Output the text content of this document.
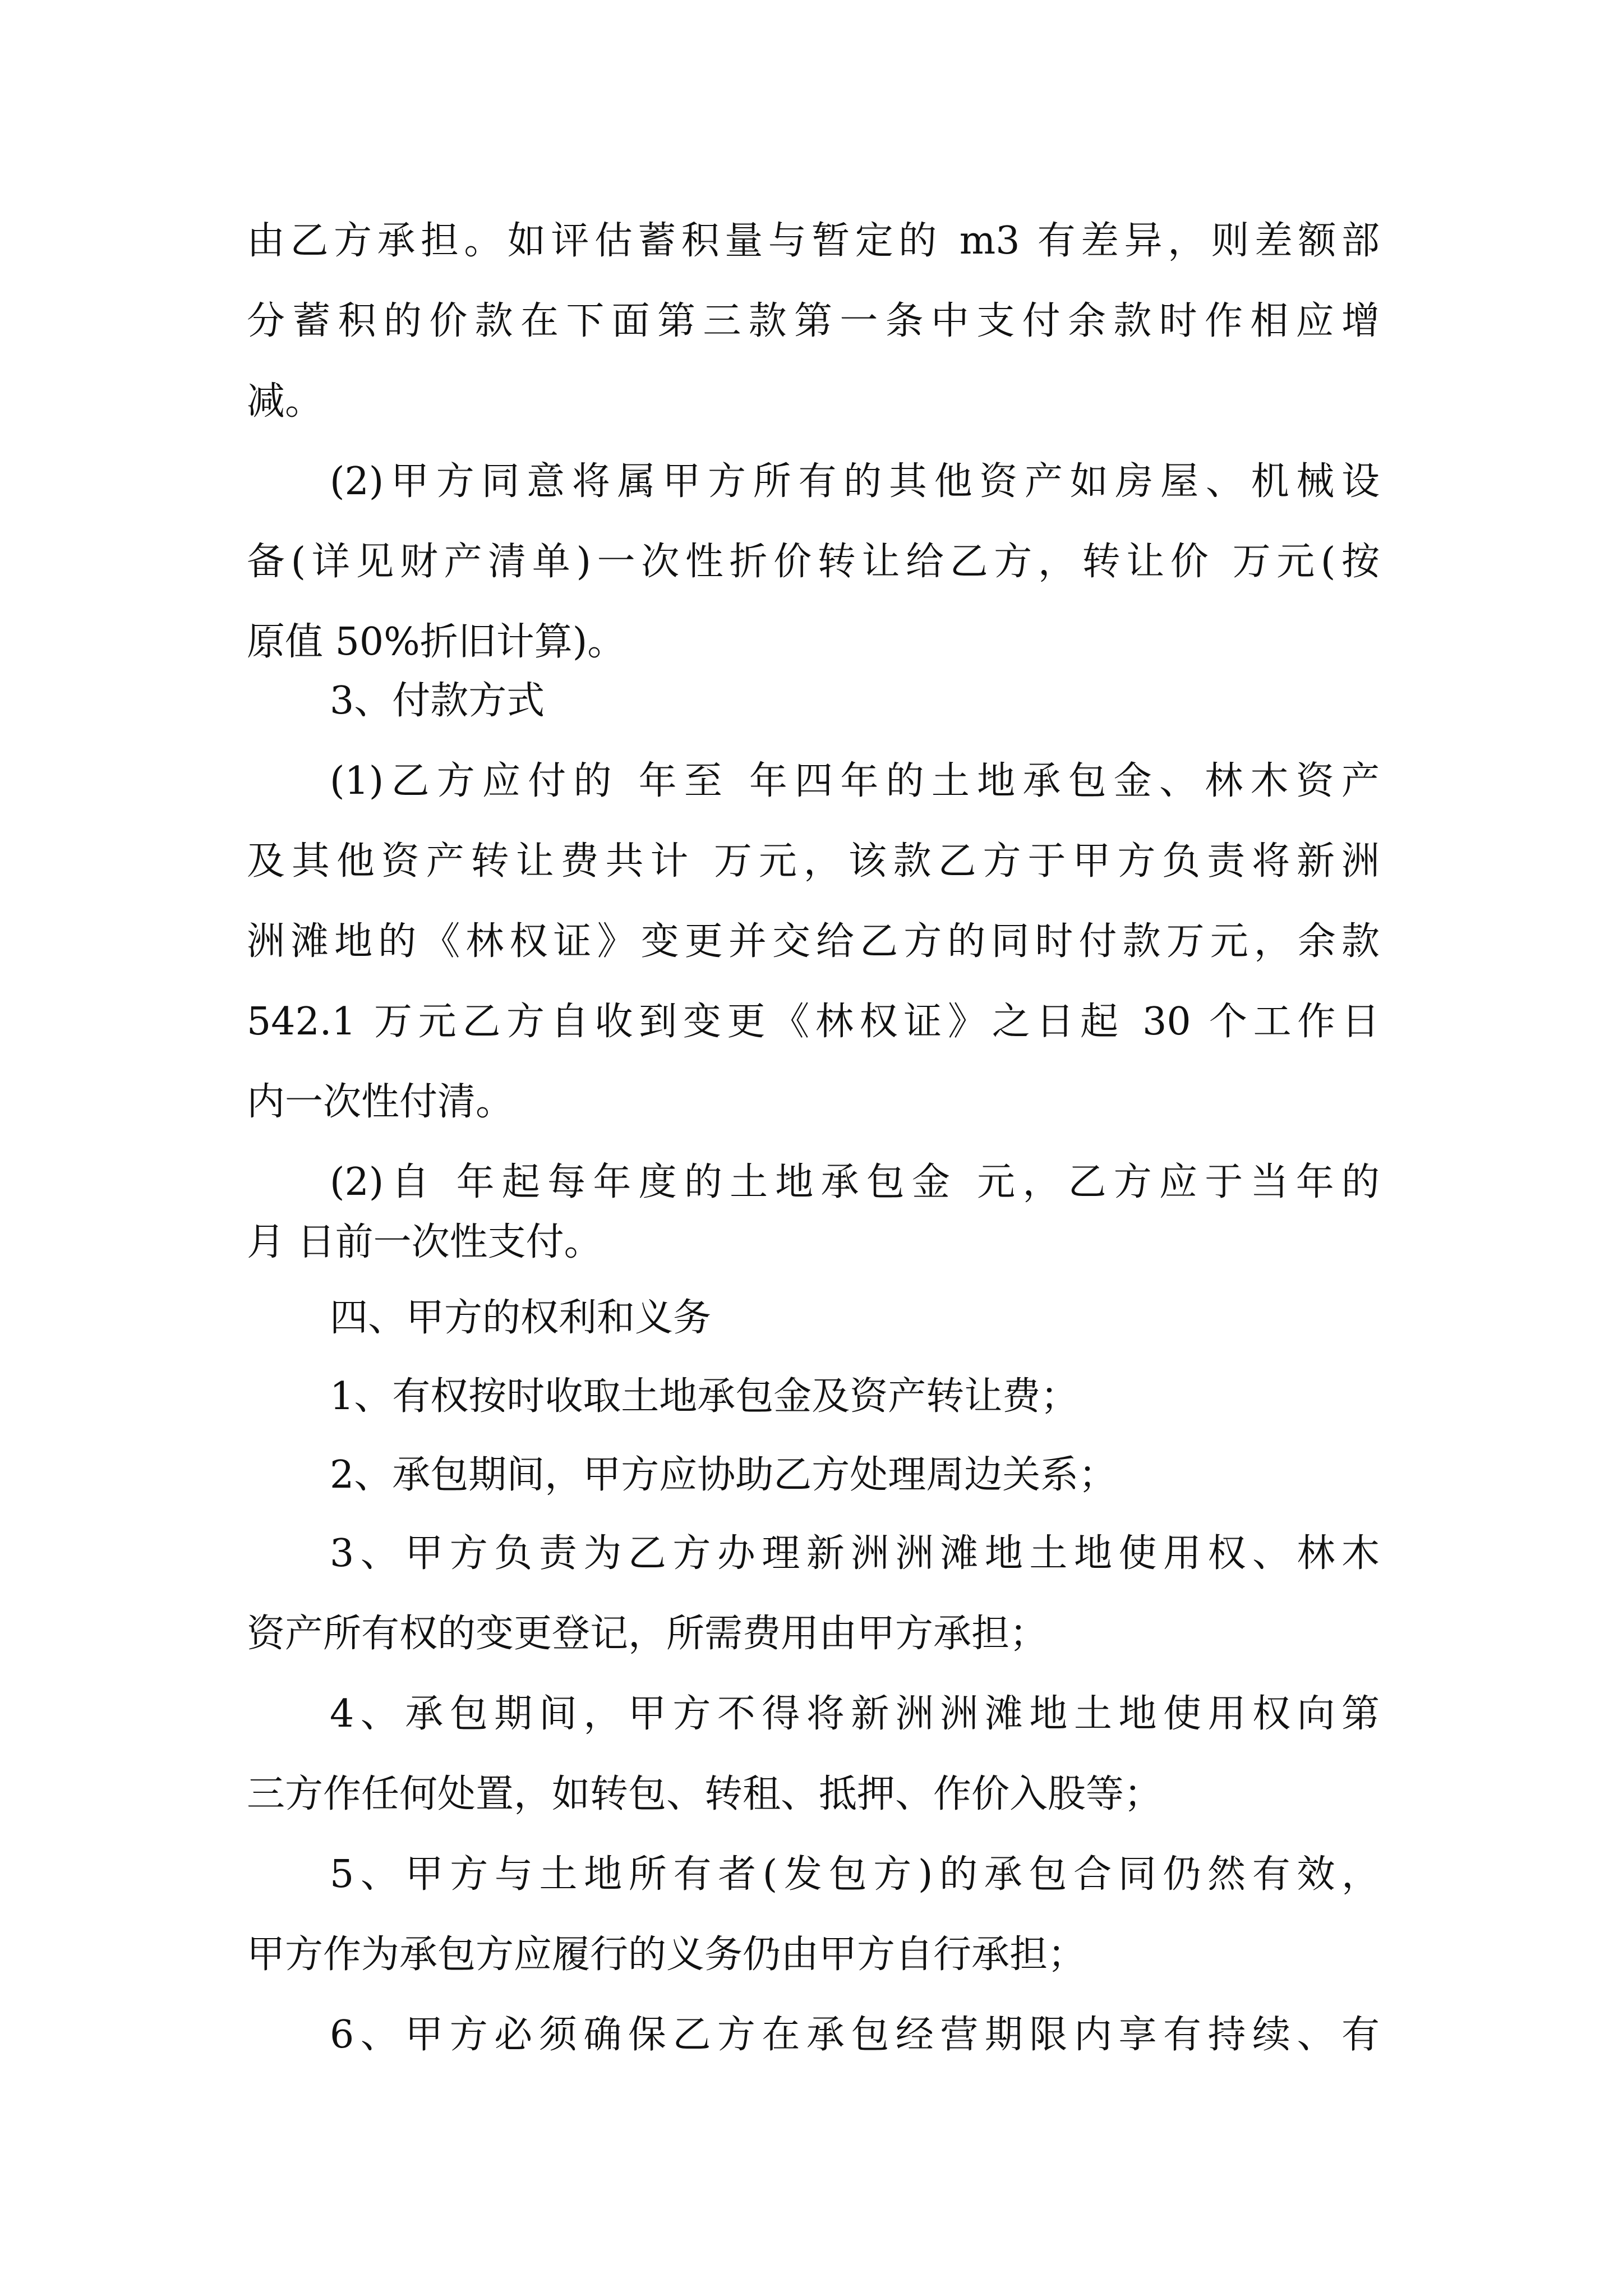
由乙方承担。如评估蓄积量与暂定的 m3 有差异，则差额部
分蓄积的价款在下面第三款第一条中支付余款时作相应增
减。
(2)甲方同意将属甲方所有的其他资产如房屋、机械设
备(详见财产清单)一次性折价转让给乙方，转让价 万元(按
原值 50%折旧计算)。
3、付款方式
(1)乙方应付的 年至 年四年的土地承包金、林木资产
及其他资产转让费共计 万元，该款乙方于甲方负责将新洲
洲滩地的《林权证》变更并交给乙方的同时付款万元，余款
542.1 万元乙方自收到变更《林权证》之日起 30 个工作日
内一次性付清。
(2)自 年起每年度的土地承包金 元，乙方应于当年的
月 日前一次性支付。
四、甲方的权利和义务
1、有权按时收取土地承包金及资产转让费；
2、承包期间，甲方应协助乙方处理周边关系；
3、甲方负责为乙方办理新洲洲滩地土地使用权、林木
资产所有权的变更登记，所需费用由甲方承担；
4、承包期间，甲方不得将新洲洲滩地土地使用权向第
三方作任何处置，如转包、转租、抵押、作价入股等；
5、甲方与土地所有者(发包方)的承包合同仍然有效，
甲方作为承包方应履行的义务仍由甲方自行承担；
6、甲方必须确保乙方在承包经营期限内享有持续、有
